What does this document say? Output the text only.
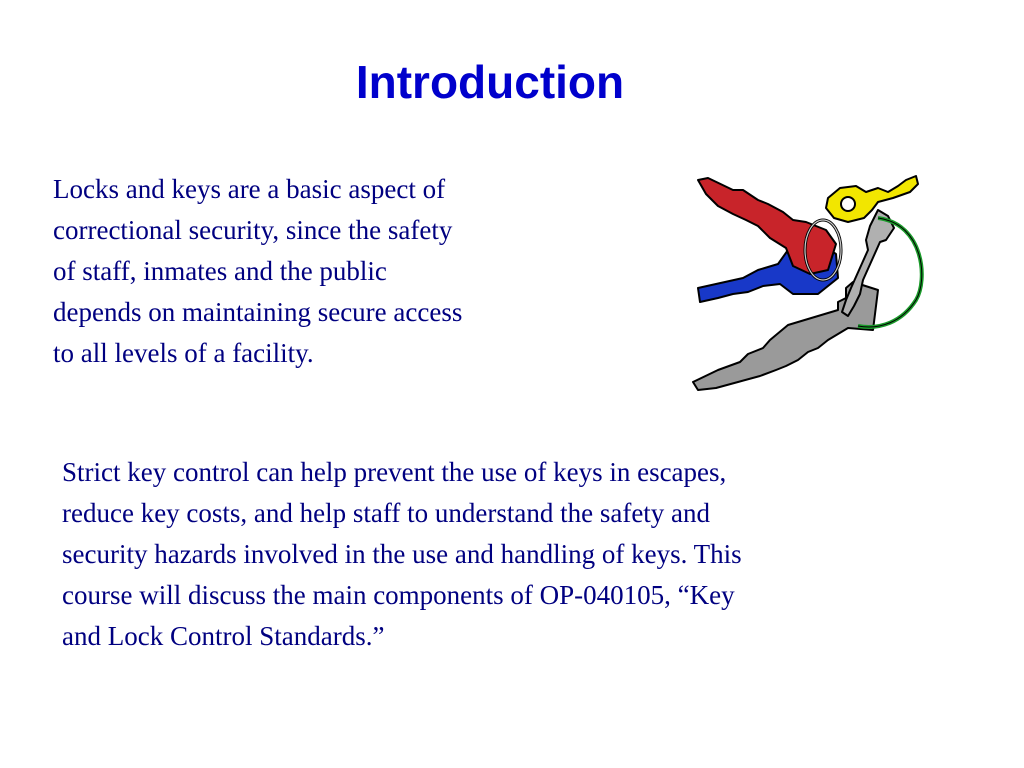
Introduction

Locks and keys are a basic aspect of
correctional security, since the safety
of staff, inmates and the public
depends on maintaining secure access
to all levels of a facility.

Strict key control can help prevent the use of keys in escapes,
reduce key costs, and help staff to understand the safety and
security hazards involved in the use and handling of keys. This
course will discuss the main components of OP-040105, “Key
and Lock Control Standards.”
